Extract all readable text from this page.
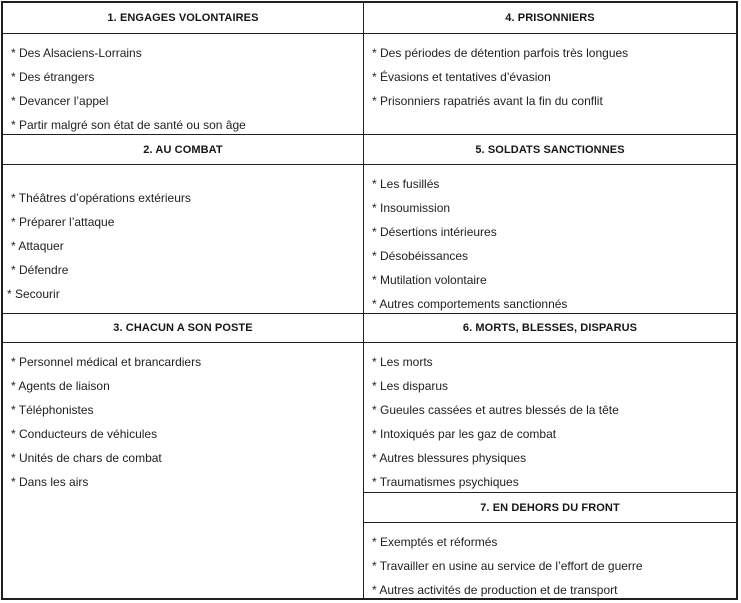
1. ENGAGES VOLONTAIRES
* Des Alsaciens-Lorrains
* Des étrangers
* Devancer l’appel
* Partir malgré son état de santé ou son âge
2. AU COMBAT
* Théâtres d’opérations extérieurs
* Préparer l’attaque
* Attaquer
* Défendre
* Secourir
3. CHACUN A SON POSTE
* Personnel médical et brancardiers
* Agents de liaison
* Téléphonistes
* Conducteurs de véhicules
* Unités de chars de combat
* Dans les airs
4. PRISONNIERS
* Des périodes de détention parfois très longues
* Évasions et tentatives d’évasion
* Prisonniers rapatriés avant la fin du conflit
5. SOLDATS SANCTIONNES
* Les fusillés
* Insoumission
* Désertions intérieures
* Désobéissances
* Mutilation volontaire
* Autres comportements sanctionnés
6. MORTS, BLESSES, DISPARUS
* Les morts
* Les disparus
* Gueules cassées et autres blessés de la tête
* Intoxiqués par les gaz de combat
* Autres blessures physiques
* Traumatismes psychiques
7. EN DEHORS DU FRONT
* Exemptés et réformés
* Travailler en usine au service de l’effort de guerre
* Autres activités de production et de transport
